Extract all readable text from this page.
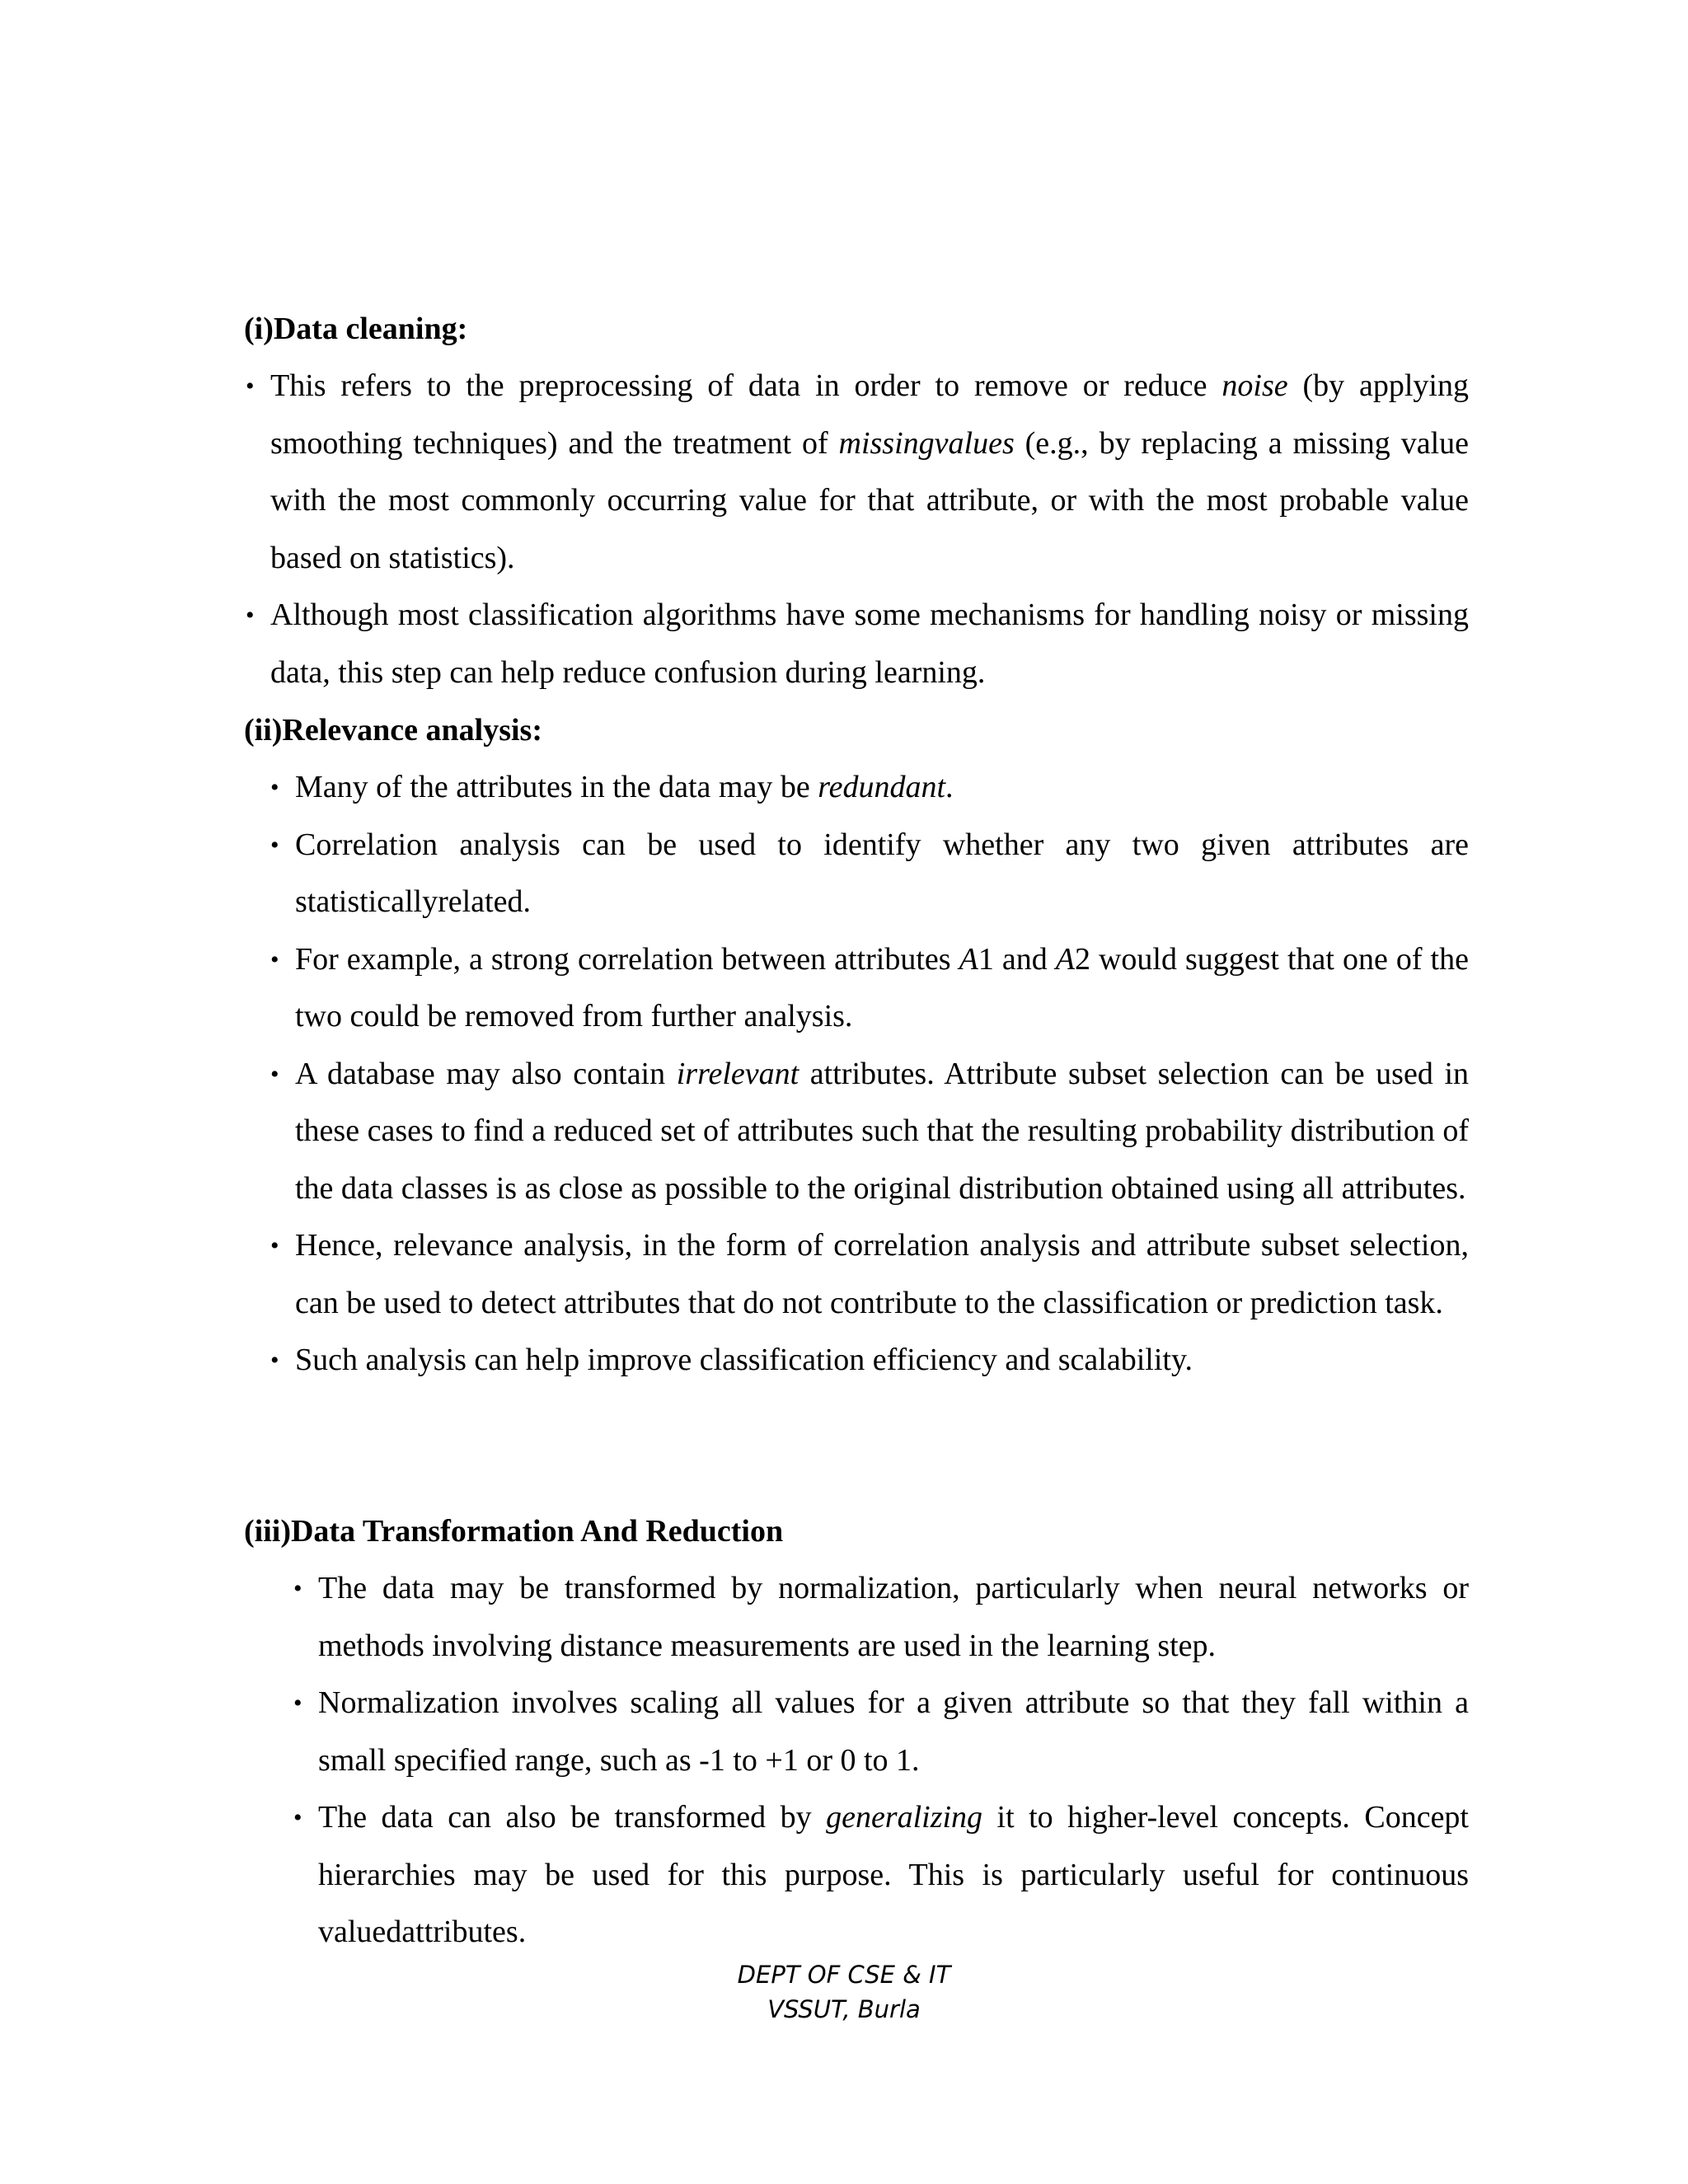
(i)Data cleaning:
• This refers to the preprocessing of data in order to remove or reduce noise (by applying smoothing techniques) and the treatment of missingvalues (e.g., by replacing a missing value with the most commonly occurring value for that attribute, or with the most probable value based on statistics).
• Although most classification algorithms have some mechanisms for handling noisy or missing data, this step can help reduce confusion during learning.
(ii)Relevance analysis:
• Many of the attributes in the data may be redundant.
• Correlation analysis can be used to identify whether any two given attributes are statisticallyrelated.
• For example, a strong correlation between attributes A1 and A2 would suggest that one of the two could be removed from further analysis.
• A database may also contain irrelevant attributes. Attribute subset selection can be used in these cases to find a reduced set of attributes such that the resulting probability distribution of the data classes is as close as possible to the original distribution obtained using all attributes.
• Hence, relevance analysis, in the form of correlation analysis and attribute subset selection, can be used to detect attributes that do not contribute to the classification or prediction task.
• Such analysis can help improve classification efficiency and scalability.
(iii)Data Transformation And Reduction
• The data may be transformed by normalization, particularly when neural networks or methods involving distance measurements are used in the learning step.
• Normalization involves scaling all values for a given attribute so that they fall within a small specified range, such as -1 to +1 or 0 to 1.
• The data can also be transformed by generalizing it to higher-level concepts. Concept hierarchies may be used for this purpose. This is particularly useful for continuous valuedattributes.
DEPT OF CSE & IT
VSSUT, Burla
